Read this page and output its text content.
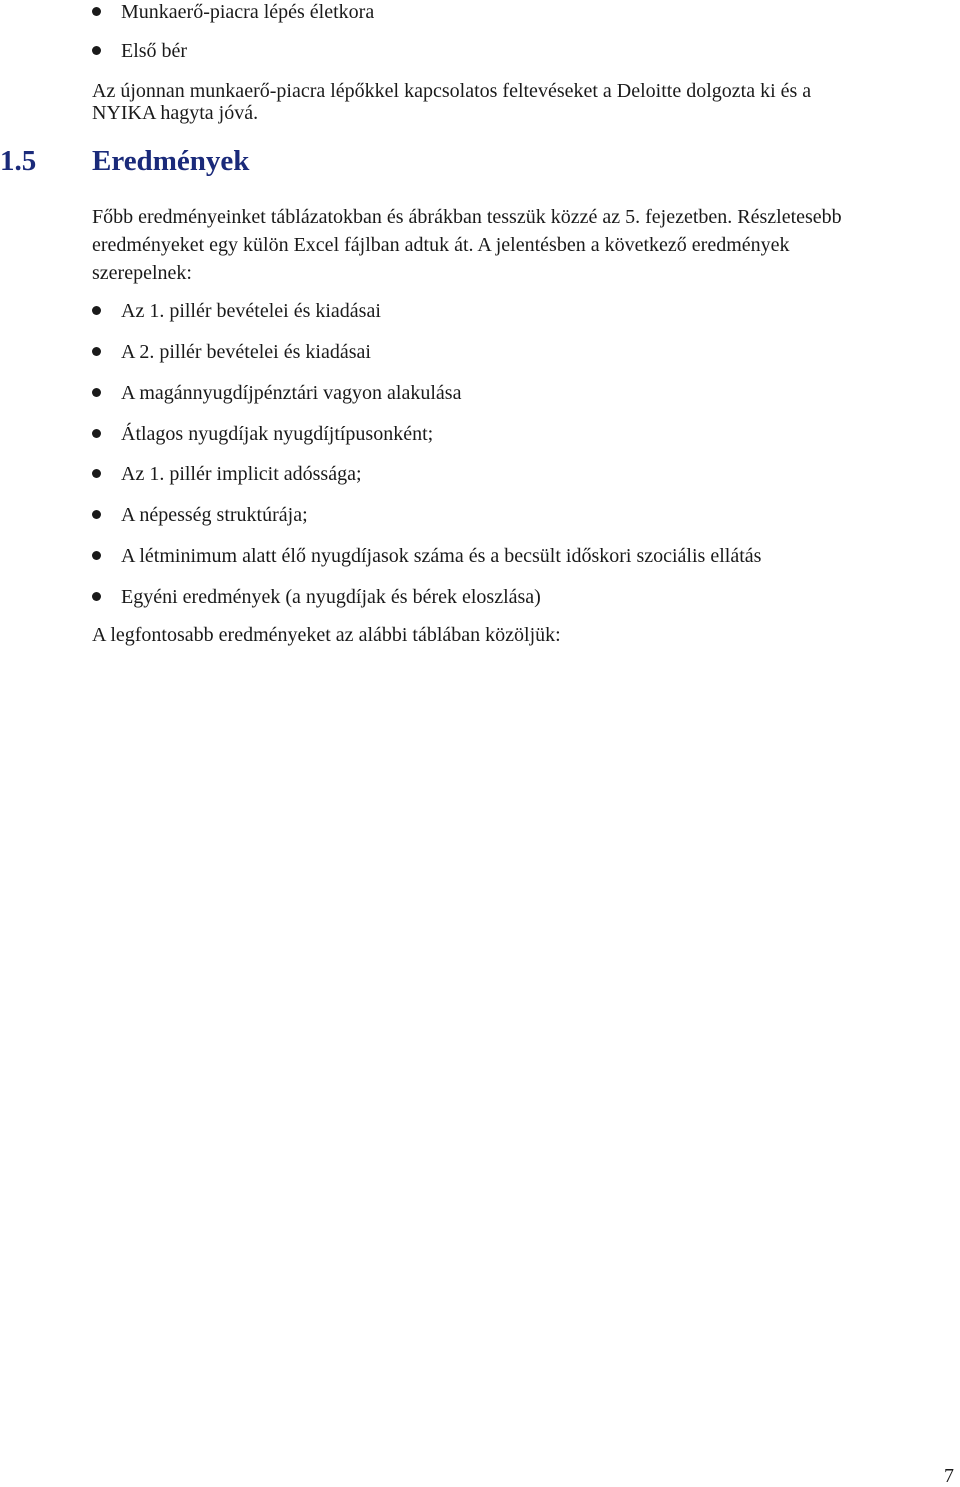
Munkaerő-piacra lépés életkora
Első bér
Az újonnan munkaerő-piacra lépőkkel kapcsolatos feltevéseket a Deloitte dolgozta ki és a
NYIKA hagyta jóvá.
1.5 Eredmények
Főbb eredményeinket táblázatokban és ábrákban tesszük közzé az 5. fejezetben. Részletesebb
eredményeket egy külön Excel fájlban adtuk át. A jelentésben a következő eredmények
szerepelnek:
Az 1. pillér bevételei és kiadásai
A 2. pillér bevételei és kiadásai
A magánnyugdíjpénztári vagyon alakulása
Átlagos nyugdíjak nyugdíjtípusonként;
Az 1. pillér implicit adóssága;
A népesség struktúrája;
A létminimum alatt élő nyugdíjasok száma és a becsült időskori szociális ellátás
Egyéni eredmények (a nyugdíjak és bérek eloszlása)
A legfontosabb eredményeket az alábbi táblában közöljük:
7
